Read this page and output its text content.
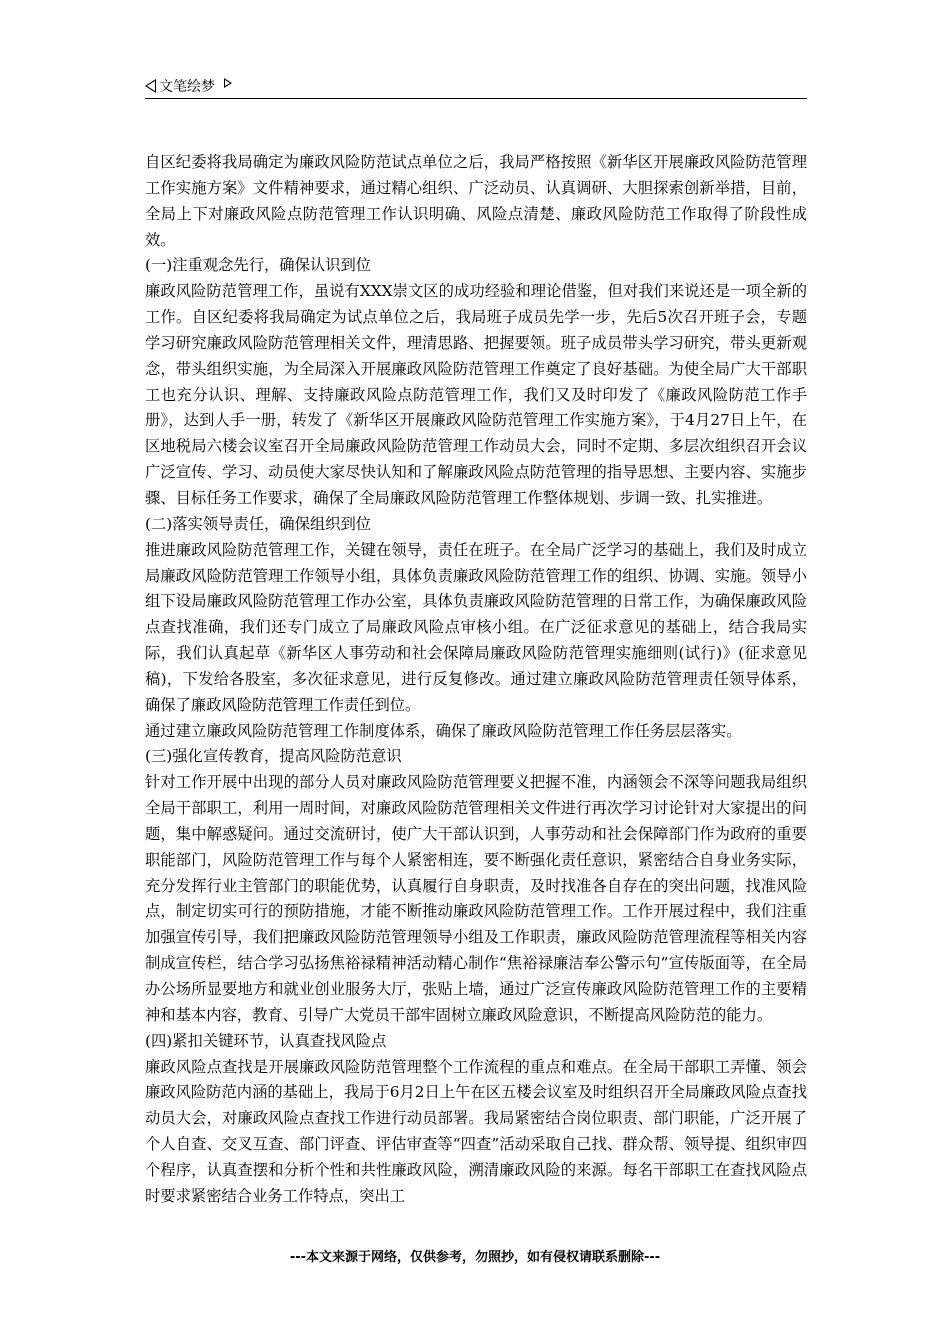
文笔绘梦

自区纪委将我局确定为廉政风险防范试点单位之后，我局严格按照《新华区开展廉政风险防范管理工作实施方案》文件精神要求，通过精心组织、广泛动员、认真调研、大胆探索创新举措，目前，全局上下对廉政风险点防范管理工作认识明确、风险点清楚、廉政风险防范工作取得了阶段性成效。

(一)注重观念先行，确保认识到位

廉政风险防范管理工作，虽说有XXX崇文区的成功经验和理论借鉴，但对我们来说还是一项全新的工作。自区纪委将我局确定为试点单位之后，我局班子成员先学一步，先后5次召开班子会，专题学习研究廉政风险防范管理相关文件，理清思路、把握要领。班子成员带头学习研究，带头更新观念，带头组织实施，为全局深入开展廉政风险防范管理工作奠定了良好基础。为使全局广大干部职工也充分认识、理解、支持廉政风险点防范管理工作，我们又及时印发了《廉政风险防范工作手册》，达到人手一册，转发了《新华区开展廉政风险防范管理工作实施方案》，于4月27日上午，在区地税局六楼会议室召开全局廉政风险防范管理工作动员大会，同时不定期、多层次组织召开会议广泛宣传、学习、动员使大家尽快认知和了解廉政风险点防范管理的指导思想、主要内容、实施步骤、目标任务工作要求，确保了全局廉政风险防范管理工作整体规划、步调一致、扎实推进。

(二)落实领导责任，确保组织到位

推进廉政风险防范管理工作，关键在领导，责任在班子。在全局广泛学习的基础上，我们及时成立局廉政风险防范管理工作领导小组，具体负责廉政风险防范管理工作的组织、协调、实施。领导小组下设局廉政风险防范管理工作办公室，具体负责廉政风险防范管理的日常工作，为确保廉政风险点查找准确，我们还专门成立了局廉政风险点审核小组。在广泛征求意见的基础上，结合我局实际，我们认真起草《新华区人事劳动和社会保障局廉政风险防范管理实施细则(试行)》(征求意见稿)，下发给各股室，多次征求意见，进行反复修改。通过建立廉政风险防范管理责任领导体系，确保了廉政风险防范管理工作责任到位。

通过建立廉政风险防范管理工作制度体系，确保了廉政风险防范管理工作任务层层落实。

(三)强化宣传教育，提高风险防范意识

针对工作开展中出现的部分人员对廉政风险防范管理要义把握不准，内涵领会不深等问题我局组织全局干部职工，利用一周时间，对廉政风险防范管理相关文件进行再次学习讨论针对大家提出的问题，集中解惑疑问。通过交流研讨，使广大干部认识到，人事劳动和社会保障部门作为政府的重要职能部门，风险防范管理工作与每个人紧密相连，要不断强化责任意识，紧密结合自身业务实际，充分发挥行业主管部门的职能优势，认真履行自身职责，及时找准各自存在的突出问题，找准风险点，制定切实可行的预防措施，才能不断推动廉政风险防范管理工作。工作开展过程中，我们注重加强宣传引导，我们把廉政风险防范管理领导小组及工作职责，廉政风险防范管理流程等相关内容制成宣传栏，结合学习弘扬焦裕禄精神活动精心制作“焦裕禄廉洁奉公警示句”宣传版面等，在全局办公场所显要地方和就业创业服务大厅，张贴上墙，通过广泛宣传廉政风险防范管理工作的主要精神和基本内容，教育、引导广大党员干部牢固树立廉政风险意识，不断提高风险防范的能力。

(四)紧扣关键环节，认真查找风险点

廉政风险点查找是开展廉政风险防范管理整个工作流程的重点和难点。在全局干部职工弄懂、领会廉政风险防范内涵的基础上，我局于6月2日上午在区五楼会议室及时组织召开全局廉政风险点查找动员大会，对廉政风险点查找工作进行动员部署。我局紧密结合岗位职责、部门职能，广泛开展了个人自查、交叉互查、部门评查、评估审查等“四查”活动采取自己找、群众帮、领导提、组织审四个程序，认真查摆和分析个性和共性廉政风险，溯清廉政风险的来源。每名干部职工在查找风险点时要求紧密结合业务工作特点，突出工

---本文来源于网络，仅供参考，勿照抄，如有侵权请联系删除---
